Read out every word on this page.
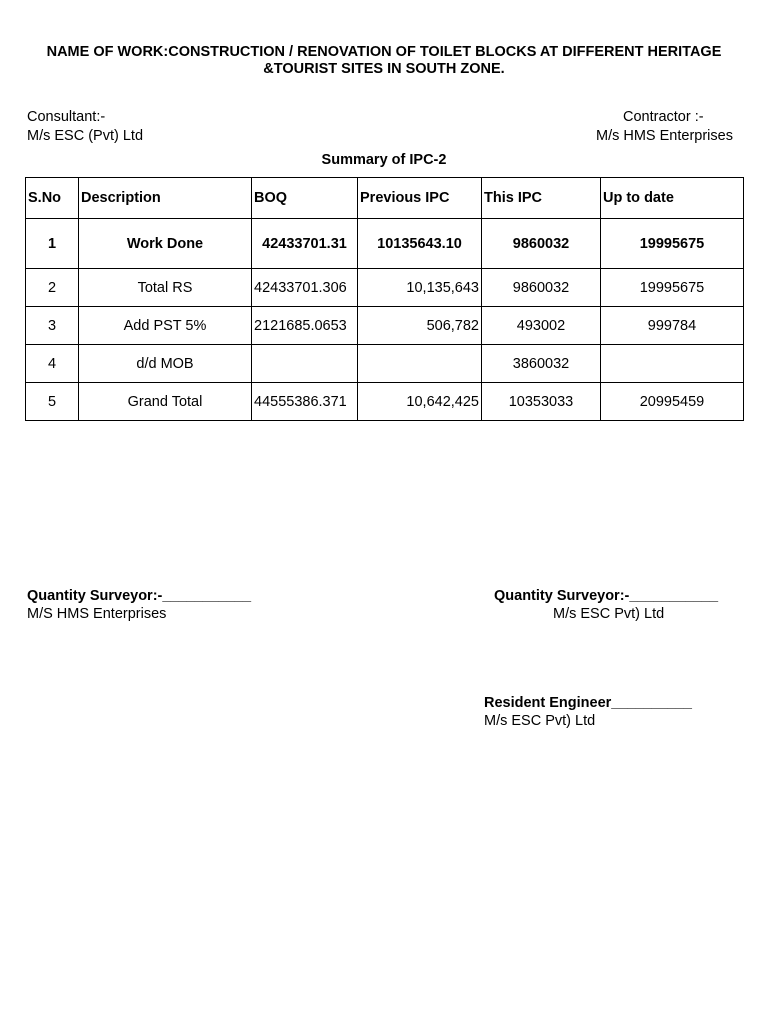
NAME OF WORK:CONSTRUCTION / RENOVATION OF TOILET BLOCKS AT DIFFERENT HERITAGE
&TOURIST SITES IN SOUTH ZONE.
Consultant:-
M/s ESC (Pvt) Ltd
Contractor :-
M/s HMS Enterprises
Summary of IPC-2
S.No	Description	BOQ	Previous IPC	This IPC	Up to date
1	Work Done	42433701.31	10135643.10	9860032	19995675
2	Total RS	42433701.306	10,135,643	9860032	19995675
3	Add PST 5%	2121685.0653	506,782	493002	999784
4	d/d MOB			3860032	
5	Grand Total	44555386.371	10,642,425	10353033	20995459
Quantity Surveyor:-___________
M/S HMS Enterprises
Quantity Surveyor:-___________
M/s ESC Pvt) Ltd
Resident Engineer__________
M/s ESC Pvt) Ltd
